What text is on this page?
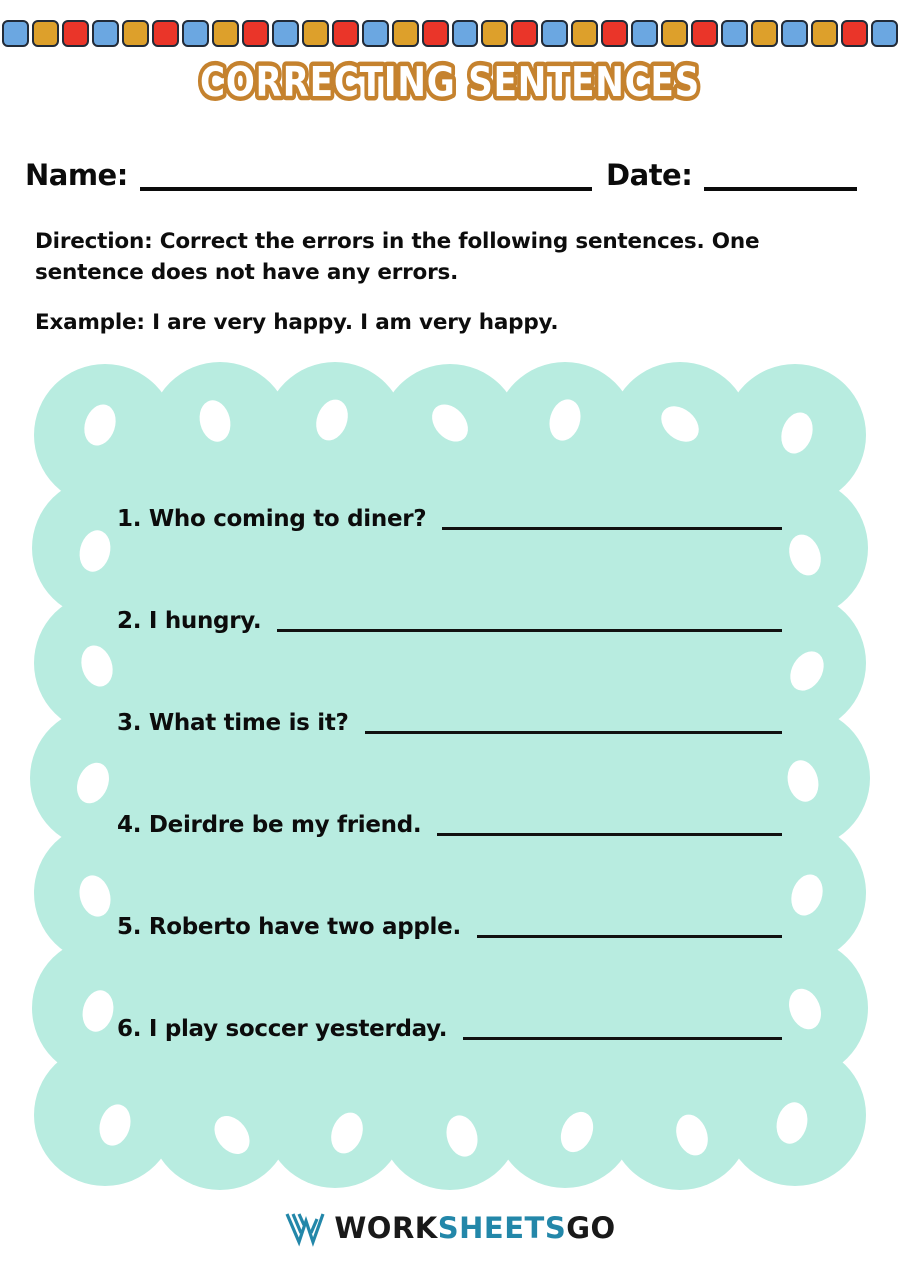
CORRECTING SENTENCES
Name:	Date:
Direction: Correct the errors in the following sentences. One sentence does not have any errors.
Example: I are very happy. I am very happy.
1. Who coming to diner?
2. I hungry.
3. What time is it?
4. Deirdre be my friend.
5. Roberto have two apple.
6. I play soccer yesterday.
WORKSHEETSGO
